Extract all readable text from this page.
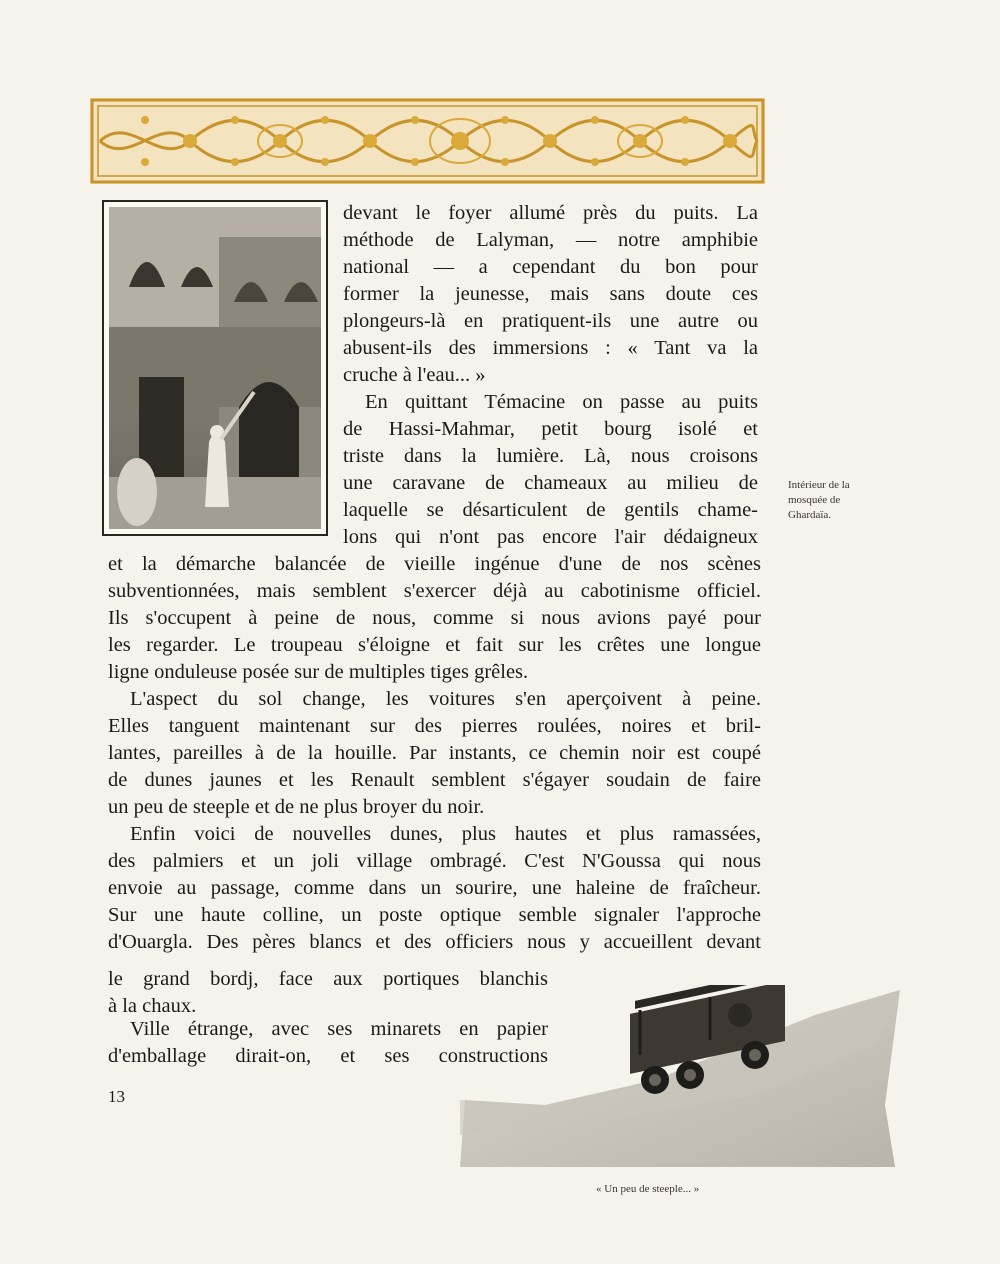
devant le foyer allumé près du puits. La

méthode de Lalyman, — notre amphibie

national — a cependant du bon pour

former la jeunesse, mais sans doute ces

plongeurs-là en pratiquent-ils une autre ou

abusent-ils des immersions : « Tant va la

cruche à l'eau... »

En quittant Témacine on passe au puits

de Hassi-Mahmar, petit bourg isolé et

triste dans la lumière. Là, nous croisons

une caravane de chameaux au milieu de

laquelle se désarticulent de gentils chame-

lons qui n'ont pas encore l'air dédaigneux

Intérieur de la
mosquée de
Ghardaïa.

et la démarche balancée de vieille ingénue d'une de nos scènes

subventionnées, mais semblent s'exercer déjà au cabotinisme officiel.

Ils s'occupent à peine de nous, comme si nous avions payé pour

les regarder. Le troupeau s'éloigne et fait sur les crêtes une longue

ligne onduleuse posée sur de multiples tiges grêles.

L'aspect du sol change, les voitures s'en aperçoivent à peine.

Elles tanguent maintenant sur des pierres roulées, noires et bril-

lantes, pareilles à de la houille. Par instants, ce chemin noir est coupé

de dunes jaunes et les Renault semblent s'égayer soudain de faire

un peu de steeple et de ne plus broyer du noir.

Enfin voici de nouvelles dunes, plus hautes et plus ramassées,

des palmiers et un joli village ombragé. C'est N'Goussa qui nous

envoie au passage, comme dans un sourire, une haleine de fraîcheur.

Sur une haute colline, un poste optique semble signaler l'approche

d'Ouargla. Des pères blancs et des officiers nous y accueillent devant

le grand bordj, face aux portiques blanchis

à la chaux.

Ville étrange, avec ses minarets en papier

d'emballage dirait-on, et ses constructions

13
« Un peu de steeple... »
